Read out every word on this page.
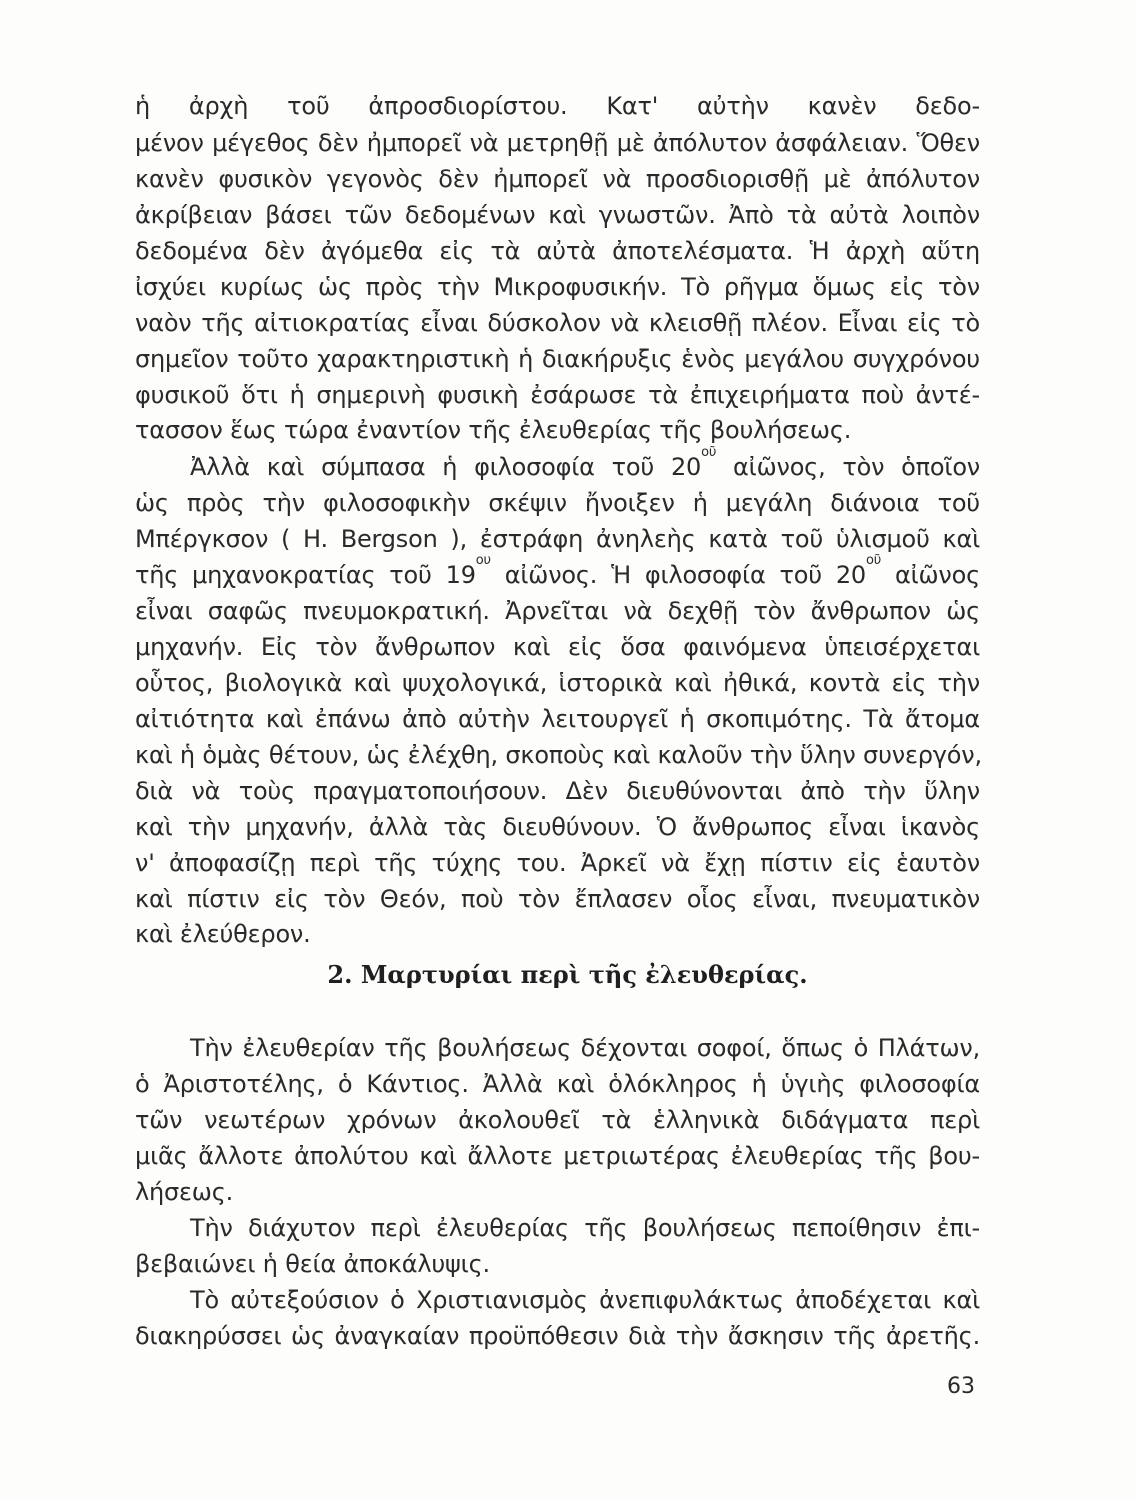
ἡ ἀρχὴ τοῦ ἀπροσδιορίστου. Κατ' αὐτὴν κανὲν δεδο-
μένον μέγεθος δὲν ἠμπορεῖ νὰ μετρηθῇ μὲ ἀπόλυτον ἀσφάλειαν. Ὅθεν
κανὲν φυσικὸν γεγονὸς δὲν ἠμπορεῖ νὰ προσδιορισθῇ μὲ ἀπόλυτον
ἀκρίβειαν βάσει τῶν δεδομένων καὶ γνωστῶν. Ἀπὸ τὰ αὐτὰ λοιπὸν
δεδομένα δὲν ἀγόμεθα εἰς τὰ αὐτὰ ἀποτελέσματα. Ἡ ἀρχὴ αὕτη
ἰσχύει κυρίως ὡς πρὸς τὴν Μικροφυσικήν. Τὸ ρῆγμα ὅμως εἰς τὸν
ναὸν τῆς αἰτιοκρατίας εἶναι δύσκολον νὰ κλεισθῇ πλέον. Εἶναι εἰς τὸ
σημεῖον τοῦτο χαρακτηριστικὴ ἡ διακήρυξις ἑνὸς μεγάλου συγχρόνου
φυσικοῦ ὅτι ἡ σημερινὴ φυσικὴ ἐσάρωσε τὰ ἐπιχειρήματα ποὺ ἀντέ-
τασσον ἕως τώρα ἐναντίον τῆς ἐλευθερίας τῆς βουλήσεως.
Ἀλλὰ καὶ σύμπασα ἡ φιλοσοφία τοῦ $20^{oῦ}$ αἰῶνος, τὸν ὁποῖον
ὡς πρὸς τὴν φιλοσοφικὴν σκέψιν ἤνοιξεν ἡ μεγάλη διάνοια τοῦ
Μπέργκσον ( H. Bergson ), ἐστράφη ἀνηλεὴς κατὰ τοῦ ὑλισμοῦ καὶ
τῆς μηχανοκρατίας τοῦ $19^{o\upsilon}$ αἰῶνος. Ἡ φιλοσοφία τοῦ $20^{oῦ}$ αἰῶνος
εἶναι σαφῶς πνευμοκρατική. Ἀρνεῖται νὰ δεχθῇ τὸν ἄνθρωπον ὡς
μηχανήν. Εἰς τὸν ἄνθρωπον καὶ εἰς ὅσα φαινόμενα ὑπεισέρχεται
οὗτος, βιολογικὰ καὶ ψυχολογικά, ἱστορικὰ καὶ ἠθικά, κοντὰ εἰς τὴν
αἰτιότητα καὶ ἐπάνω ἀπὸ αὐτὴν λειτουργεῖ ἡ σκοπιμότης. Τὰ ἄτομα
καὶ ἡ ὁμὰς θέτουν, ὡς ἐλέχθη, σκοποὺς καὶ καλοῦν τὴν ὕλην συνεργόν,
διὰ νὰ τοὺς πραγματοποιήσουν. Δὲν διευθύνονται ἀπὸ τὴν ὕλην
καὶ τὴν μηχανήν, ἀλλὰ τὰς διευθύνουν. Ὁ ἄνθρωπος εἶναι ἱκανὸς
ν' ἀποφασίζῃ περὶ τῆς τύχης του. Ἀρκεῖ νὰ ἔχῃ πίστιν εἰς ἑαυτὸν
καὶ πίστιν εἰς τὸν Θεόν, ποὺ τὸν ἔπλασεν οἷος εἶναι, πνευματικὸν
καὶ ἐλεύθερον.
2. Μαρτυρίαι περὶ τῆς ἐλευθερίας.
Τὴν ἐλευθερίαν τῆς βουλήσεως δέχονται σοφοί, ὅπως ὁ Πλάτων,
ὁ Ἀριστοτέλης, ὁ Κάντιος. Ἀλλὰ καὶ ὁλόκληρος ἡ ὑγιὴς φιλοσοφία
τῶν νεωτέρων χρόνων ἀκολουθεῖ τὰ ἑλληνικὰ διδάγματα περὶ
μιᾶς ἄλλοτε ἀπολύτου καὶ ἄλλοτε μετριωτέρας ἐλευθερίας τῆς βου-
λήσεως.
Τὴν διάχυτον περὶ ἐλευθερίας τῆς βουλήσεως πεποίθησιν ἐπι-
βεβαιώνει ἡ θεία ἀποκάλυψις.
Τὸ αὐτεξούσιον ὁ Χριστιανισμὸς ἀνεπιφυλάκτως ἀποδέχεται καὶ
διακηρύσσει ὡς ἀναγκαίαν προϋπόθεσιν διὰ τὴν ἄσκησιν τῆς ἀρετῆς.
63
